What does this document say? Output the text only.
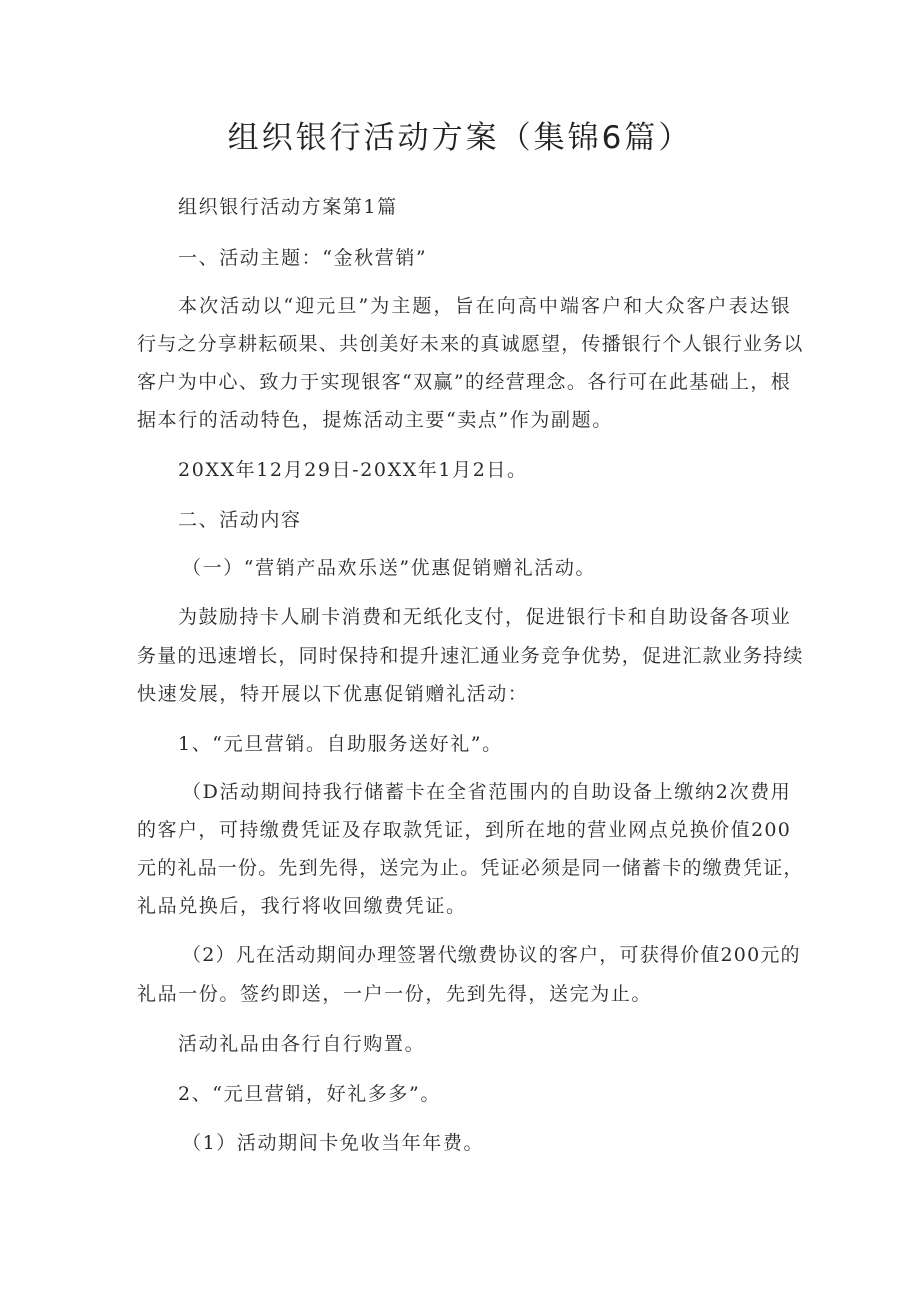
组织银行活动方案（集锦6篇）
组织银行活动方案第1篇
一、活动主题：“金秋营销”
本次活动以“迎元旦”为主题，旨在向高中端客户和大众客户表达银
行与之分享耕耘硕果、共创美好未来的真诚愿望，传播银行个人银行业务以
客户为中心、致力于实现银客“双赢”的经营理念。各行可在此基础上，根
据本行的活动特色，提炼活动主要“卖点”作为副题。
20XX年12月29日-20XX年1月2日。
二、活动内容
（一）“营销产品欢乐送”优惠促销赠礼活动。
为鼓励持卡人刷卡消费和无纸化支付，促进银行卡和自助设备各项业
务量的迅速增长，同时保持和提升速汇通业务竞争优势，促进汇款业务持续
快速发展，特开展以下优惠促销赠礼活动：
1、“元旦营销。自助服务送好礼”。
（D活动期间持我行储蓄卡在全省范围内的自助设备上缴纳2次费用
的客户，可持缴费凭证及存取款凭证，到所在地的营业网点兑换价值200
元的礼品一份。先到先得，送完为止。凭证必须是同一储蓄卡的缴费凭证，
礼品兑换后，我行将收回缴费凭证。
（2）凡在活动期间办理签署代缴费协议的客户，可获得价值200元的
礼品一份。签约即送，一户一份，先到先得，送完为止。
活动礼品由各行自行购置。
2、“元旦营销，好礼多多”。
（1）活动期间卡免收当年年费。
